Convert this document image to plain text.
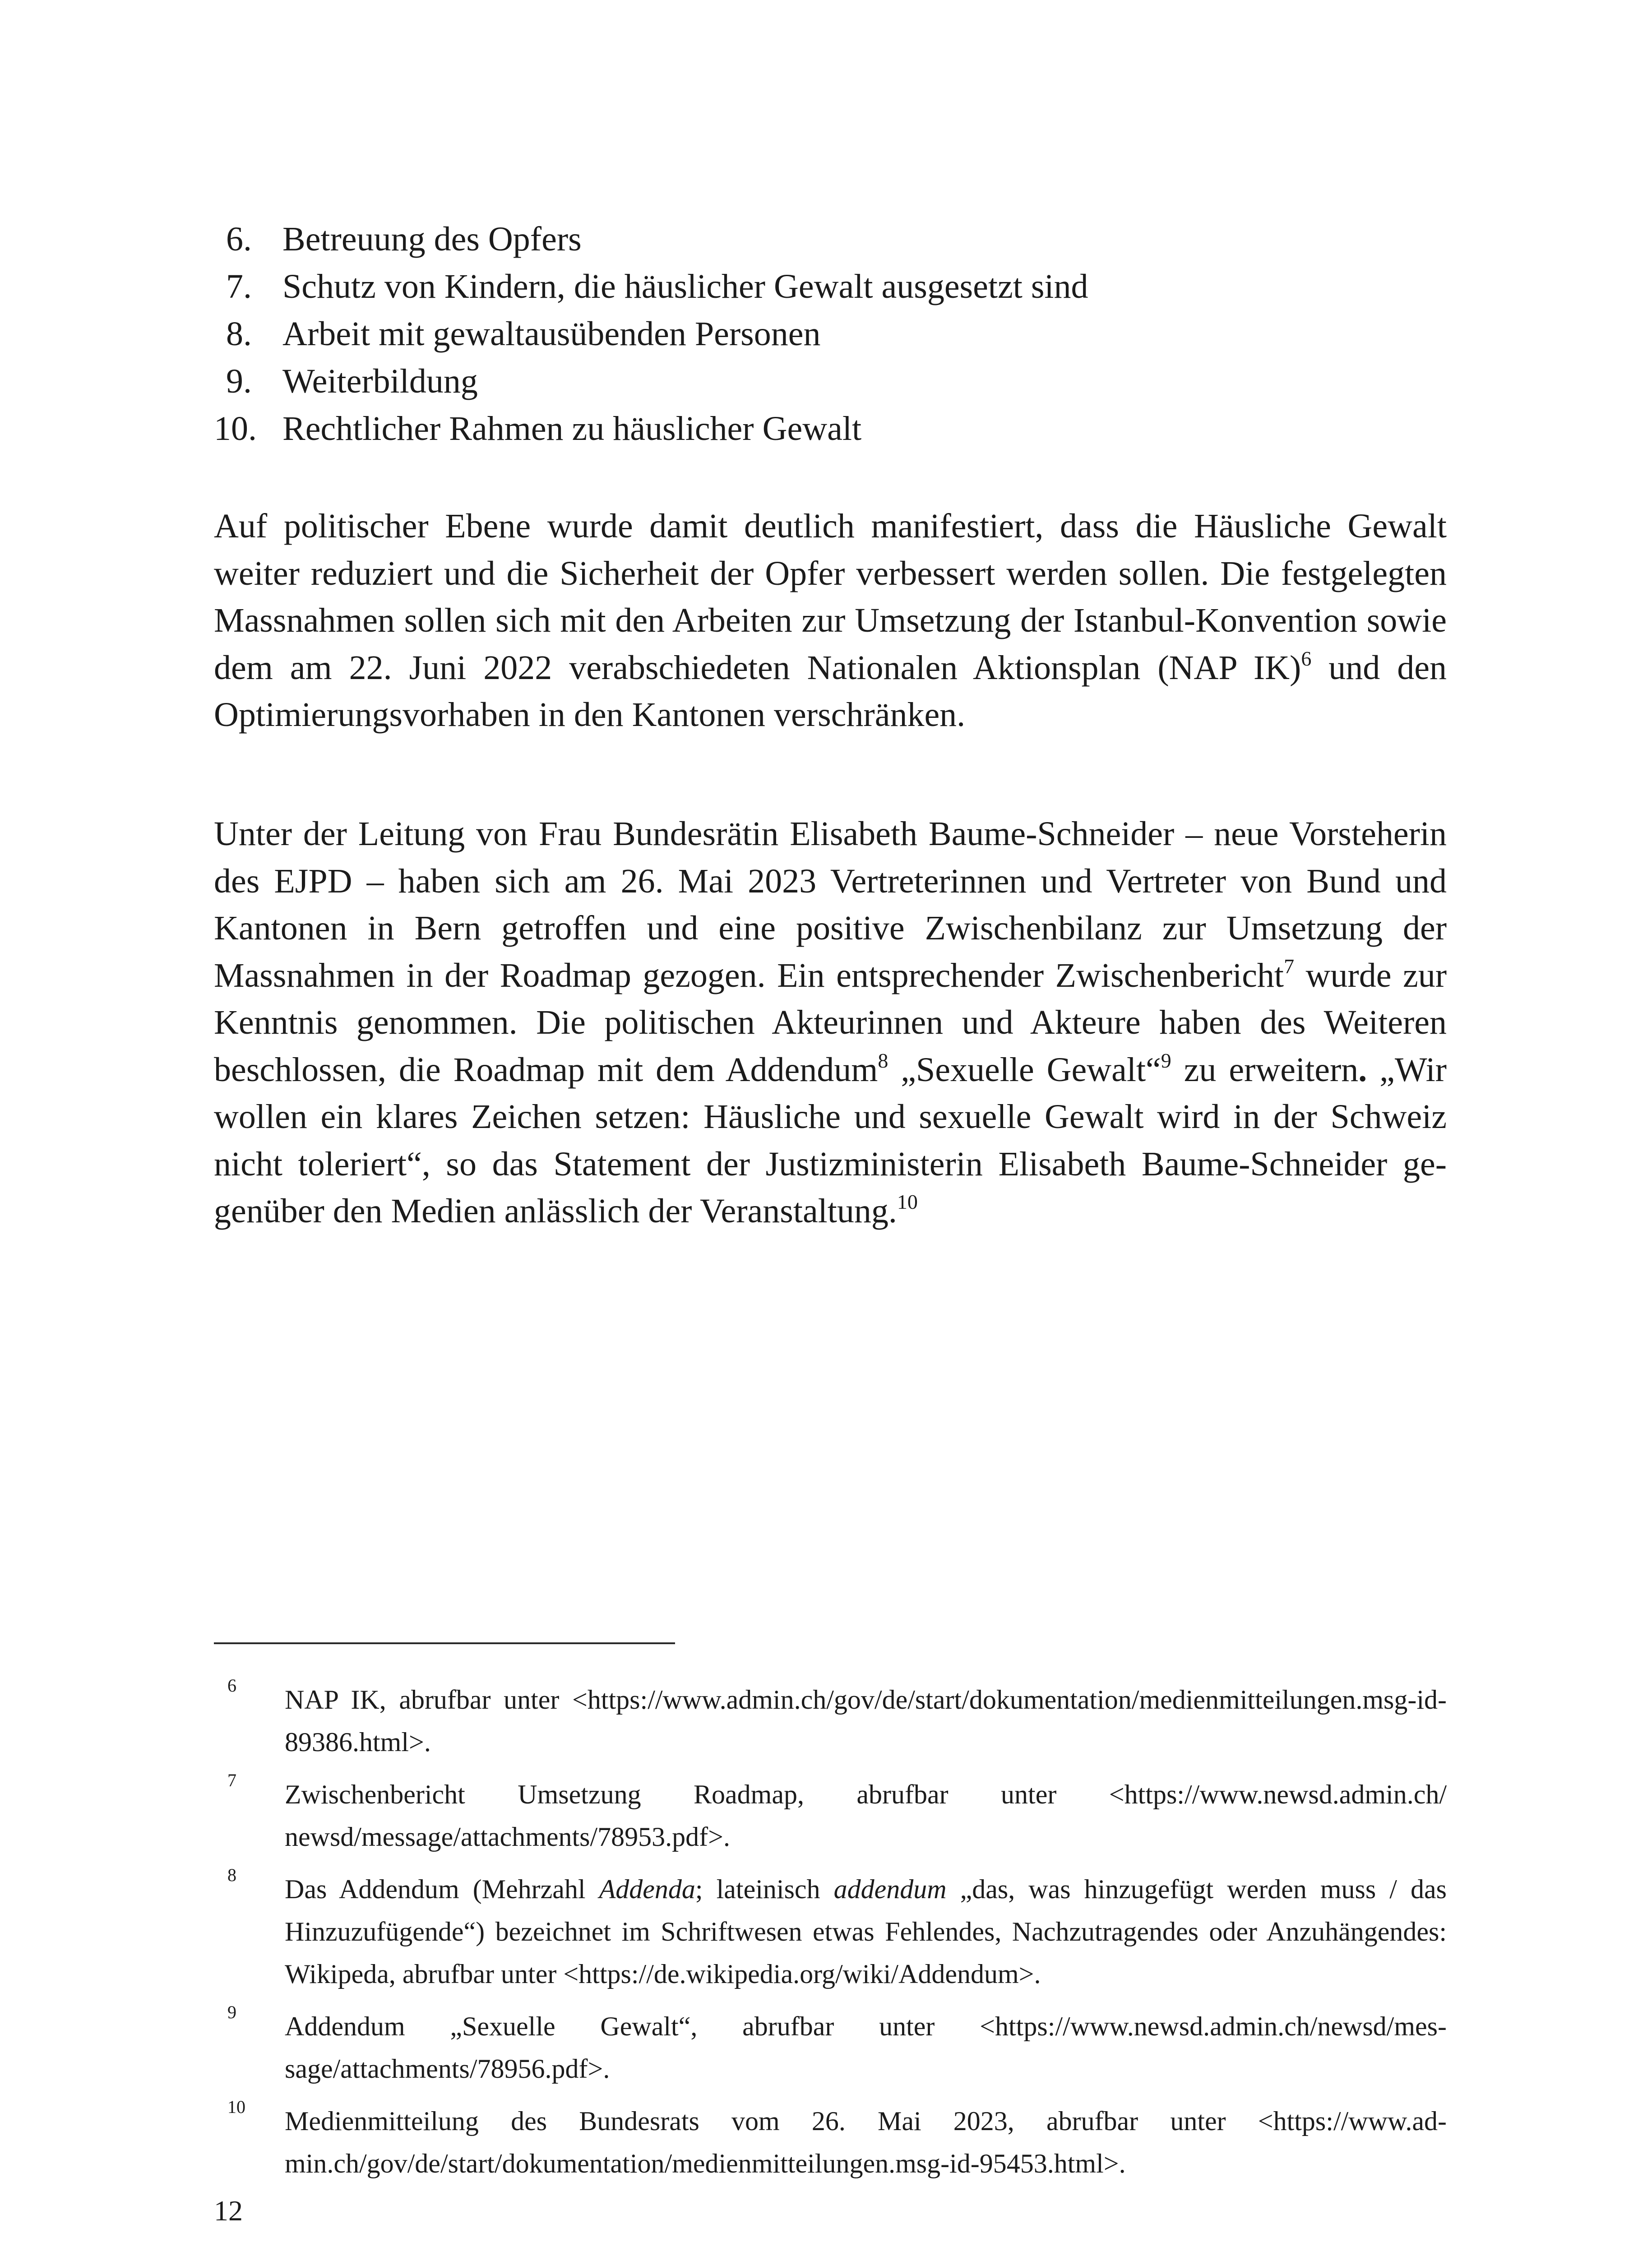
6. Betreuung des Opfers
7. Schutz von Kindern, die häuslicher Gewalt ausgesetzt sind
8. Arbeit mit gewaltausübenden Personen
9. Weiterbildung
10. Rechtlicher Rahmen zu häuslicher Gewalt

Auf politischer Ebene wurde damit deutlich manifestiert, dass die Häusliche Gewalt weiter reduziert und die Sicherheit der Opfer verbessert werden sollen. Die festgelegten Massnahmen sollen sich mit den Arbeiten zur Umsetzung der Istanbul-Konvention sowie dem am 22. Juni 2022 verabschiedeten Nationalen Aktionsplan (NAP IK)$^6$ und den Optimierungsvorhaben in den Kantonen verschränken.

Unter der Leitung von Frau Bundesrätin Elisabeth Baume-Schneider – neue Vorsteherin des EJPD – haben sich am 26. Mai 2023 Vertreterinnen und Vertreter von Bund und Kantonen in Bern getroffen und eine positive Zwischenbilanz zur Umsetzung der Massnahmen in der Roadmap gezogen. Ein entsprechender Zwischenbericht$^7$ wurde zur Kenntnis genommen. Die politischen Akteurinnen und Akteure haben des Weiteren beschlossen, die Roadmap mit dem Addendum$^8$ „Sexuelle Gewalt“$^9$ zu erweitern. „Wir wollen ein klares Zeichen setzen: Häusliche und sexuelle Gewalt wird in der Schweiz nicht toleriert“, so das Statement der Justizministerin Elisabeth Baume-Schneider gegenüber den Medien anlässlich der Veranstaltung.$^{10}$

6 NAP IK, abrufbar unter <https://www.admin.ch/gov/de/start/dokumentation/medienmitteilungen.msg-id-89386.html>.

7 Zwischenbericht Umsetzung Roadmap, abrufbar unter <https://www.newsd.admin.ch/​newsd/message/attachments/78953.pdf>.

8 Das Addendum (Mehrzahl Addenda; lateinisch addendum „das, was hinzugefügt werden muss / das Hinzuzufügende“) bezeichnet im Schriftwesen etwas Fehlendes, Nachzutragendes oder Anzuhängendes: Wikipeda, abrufbar unter <https://de.wikipedia.org/wiki/Addendum>.

9 Addendum „Sexuelle Gewalt“, abrufbar unter <https://www.newsd.admin.ch/newsd/message/attachments/78956.pdf>.

10 Medienmitteilung des Bundesrats vom 26. Mai 2023, abrufbar unter <https://www.admin.ch/gov/de/start/dokumentation/medienmitteilungen.msg-id-95453.html>.

12
